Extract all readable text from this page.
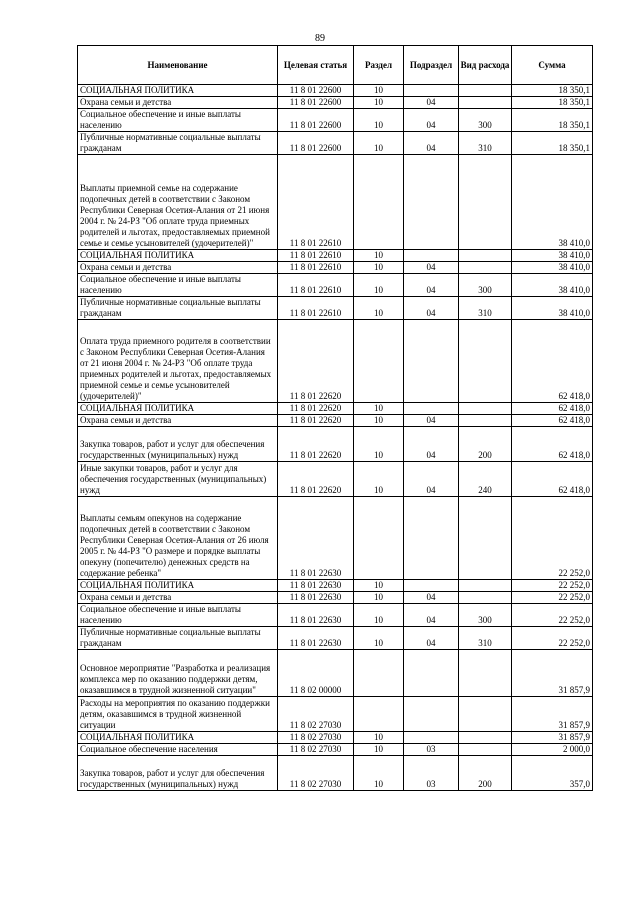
89
Наименование	Целевая статья	Раздел	Подраздел	Вид расхода	Сумма
СОЦИАЛЬНАЯ ПОЛИТИКА	11 8 01 22600	10			18 350,1
Охрана семьи и детства	11 8 01 22600	10	04		18 350,1
Социальное обеспечение и иные выплаты населению	11 8 01 22600	10	04	300	18 350,1
Публичные нормативные социальные выплаты гражданам	11 8 01 22600	10	04	310	18 350,1
Выплаты приемной семье на содержание подопечных детей в соответствии с Законом Республики Северная Осетия-Алания от 21 июня 2004 г. № 24-РЗ "Об оплате труда приемных родителей и льготах, предоставляемых приемной семье и семье усыновителей (удочерителей)"	11 8 01 22610				38 410,0
СОЦИАЛЬНАЯ ПОЛИТИКА	11 8 01 22610	10			38 410,0
Охрана семьи и детства	11 8 01 22610	10	04		38 410,0
Социальное обеспечение и иные выплаты населению	11 8 01 22610	10	04	300	38 410,0
Публичные нормативные социальные выплаты гражданам	11 8 01 22610	10	04	310	38 410,0
Оплата труда приемного родителя в соответствии с Законом Республики Северная Осетия-Алания от 21 июня 2004 г. № 24-РЗ "Об оплате труда приемных родителей и льготах, предоставляемых приемной семье и семье усыновителей (удочерителей)"	11 8 01 22620				62 418,0
СОЦИАЛЬНАЯ ПОЛИТИКА	11 8 01 22620	10			62 418,0
Охрана семьи и детства	11 8 01 22620	10	04		62 418,0
Закупка товаров, работ и услуг для обеспечения государственных (муниципальных) нужд	11 8 01 22620	10	04	200	62 418,0
Иные закупки товаров, работ и услуг для обеспечения государственных (муниципальных) нужд	11 8 01 22620	10	04	240	62 418,0
Выплаты семьям опекунов на содержание подопечных детей в соответствии с Законом Республики Северная Осетия-Алания от 26 июля 2005 г. № 44-РЗ "О размере и порядке выплаты опекуну (попечителю) денежных средств на содержание ребенка"	11 8 01 22630				22 252,0
СОЦИАЛЬНАЯ ПОЛИТИКА	11 8 01 22630	10			22 252,0
Охрана семьи и детства	11 8 01 22630	10	04		22 252,0
Социальное обеспечение и иные выплаты населению	11 8 01 22630	10	04	300	22 252,0
Публичные нормативные социальные выплаты гражданам	11 8 01 22630	10	04	310	22 252,0
Основное мероприятие "Разработка и реализация комплекса мер по оказанию поддержки детям, оказавшимся в трудной жизненной ситуации"	11 8 02 00000				31 857,9
Расходы на мероприятия по оказанию поддержки детям, оказавшимся в трудной жизненной ситуации	11 8 02 27030				31 857,9
СОЦИАЛЬНАЯ ПОЛИТИКА	11 8 02 27030	10			31 857,9
Социальное обеспечение населения	11 8 02 27030	10	03		2 000,0
Закупка товаров, работ и услуг для обеспечения государственных (муниципальных) нужд	11 8 02 27030	10	03	200	357,0
